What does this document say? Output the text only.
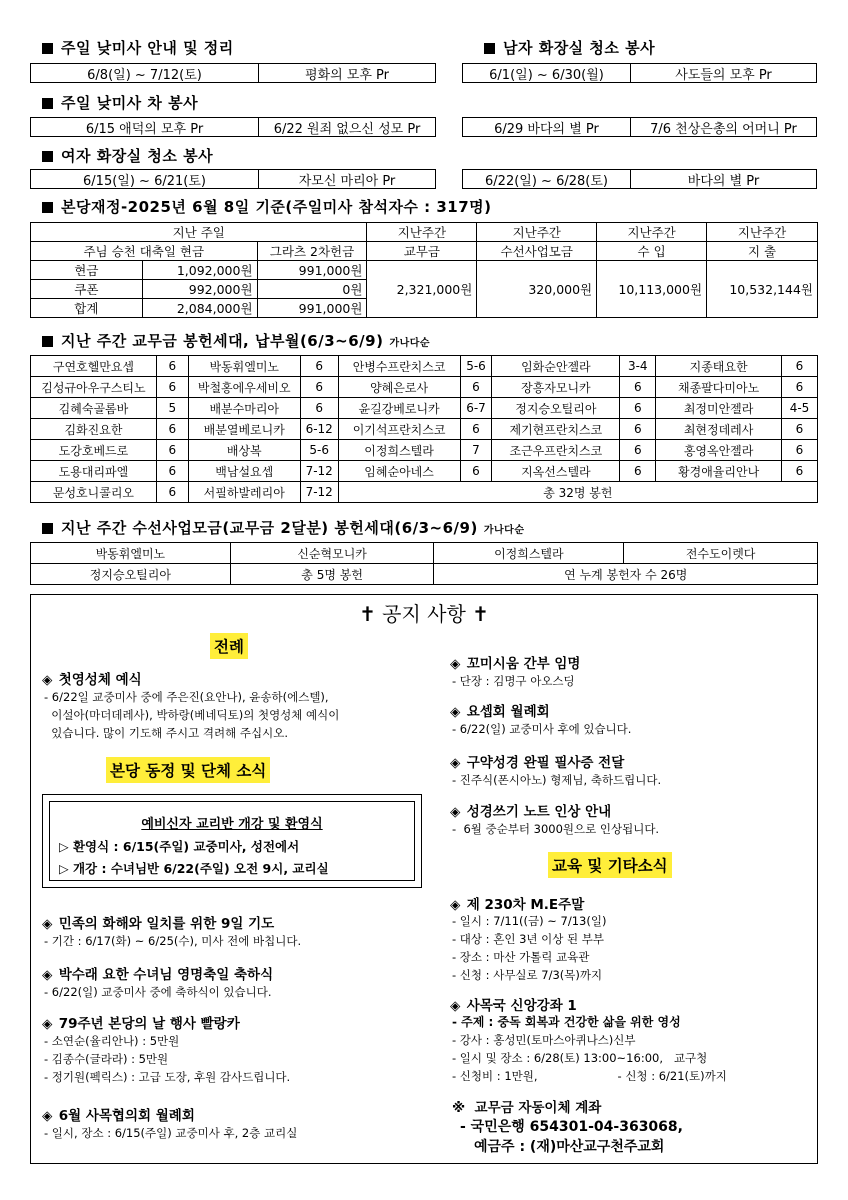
주일 낮미사 안내 및 정리
6/8(일) ~ 7/12(토)	평화의 모후 Pr
남자 화장실 청소 봉사
6/1(일) ~ 6/30(월)	사도들의 모후 Pr
주일 낮미사 차 봉사
6/15 애덕의 모후 Pr	6/22 원죄 없으신 성모 Pr	6/29 바다의 별 Pr	7/6 천상은총의 어머니 Pr
여자 화장실 청소 봉사
6/15(일) ~ 6/21(토)	자모신 마리아 Pr	6/22(일) ~ 6/28(토)	바다의 별 Pr
본당재정-2025년 6월 8일 기준(주일미사 참석자수 : 317명)
지난 주일			지난주간	지난주간	지난주간	지난주간
주님 승천 대축일 현금		그라츠 2차헌금	교무금	수선사업모금	수 입	지 출
현금	1,092,000원	991,000원	2,321,000원	320,000원	10,113,000원	10,532,144원
쿠폰	992,000원	0원				
합계	2,084,000원	991,000원				
지난 주간 교무금 봉헌세대, 납부월(6/3~6/9) 가나다순
구연호헬만요셉	6	박동휘엘미노	6	안병수프란치스코	5-6	임화순안젤라	3-4	지종태요한	6
김성규아우구스티노	6	박철홍에우세비오	6	양혜은로사	6	장흥자모니카	6	채종팔다미아노	6
김혜숙골롬바	5	배분수마리아	6	윤길강베로니카	6-7	정지승오틸리아	6	최정미안젤라	4-5
김화진요한	6	배분열베로니카	6-12	이기석프란치스코	6	제기현프란치스코	6	최현정데레사	6
도강호베드로	6	배상복	5-6	이정희스텔라	7	조근우프란치스코	6	홍영옥안젤라	6
도용대리파엘	6	백남설요셉	7-12	임혜순아네스	6	지옥선스텔라	6	황경애율리안나	6
문성호니콜리오	6	서필하발레리아	7-12	총 32명 봉헌					
지난 주간 수선사업모금(교무금 2달분) 봉헌세대(6/3~6/9) 가나다순
박동휘엘미노	신순혁모니카	이정희스텔라	전수도이렛다
정지승오틸리아	총 5명 봉헌	연 누계 봉헌자 수 26명	
✝ 공지 사항 ✝
전례
◈ 첫영성체 예식
- 6/22일 교중미사 중에 주은진(요안나), 윤송하(에스텔),
이설아(마더데레사), 박하랑(베네딕토)의 첫영성체 예식이
있습니다. 많이 기도해 주시고 격려해 주십시오.
본당 동정 및 단체 소식
예비신자 교리반 개강 및 환영식
▷ 환영식 : 6/15(주일) 교중미사, 성전에서
▷ 개강 : 수녀님반 6/22(주일) 오전 9시, 교리실
◈ 민족의 화해와 일치를 위한 9일 기도
- 기간 : 6/17(화) ~ 6/25(수), 미사 전에 바칩니다.
◈ 박수래 요한 수녀님 영명축일 축하식
- 6/22(일) 교중미사 중에 축하식이 있습니다.
◈ 79주년 본당의 날 행사 빨랑카
- 소연순(율리안나) : 5만원
- 김종수(글라라) : 5만원
- 정기원(펙릭스) : 고급 도장, 후원 감사드립니다.
◈ 6월 사목협의회 월례회
- 일시, 장소 : 6/15(주일) 교중미사 후, 2층 교리실
◈ 꼬미시움 간부 임명
- 단장 : 김명구 아오스딩
◈ 요셉회 월례회
- 6/22(일) 교중미사 후에 있습니다.
◈ 구약성경 완필 필사증 전달
- 진주식(폰시아노) 형제님, 축하드립니다.
◈ 성경쓰기 노트 인상 안내
-  6월 중순부터 3000원으로 인상됩니다.
교육 및 기타소식
◈ 제 230차 M.E주말
- 일시 : 7/11((금) ~ 7/13(일)
- 대상 : 혼인 3년 이상 된 부부
- 장소 : 마산 가톨릭 교육관
- 신청 : 사무실로 7/3(목)까지
◈ 사목국 신앙강좌 1
- 주제 : 중독 회복과 건강한 삶을 위한 영성
- 강사 : 홍성민(토마스아퀴나스)신부
- 일시 및 장소 : 6/28(토) 13:00~16:00,   교구청
- 신청비 : 1만원,	- 신청 : 6/21(토)까지
※  교무금 자동이체 계좌
- 국민은행 654301-04-363068,
예금주 : (재)마산교구천주교회
